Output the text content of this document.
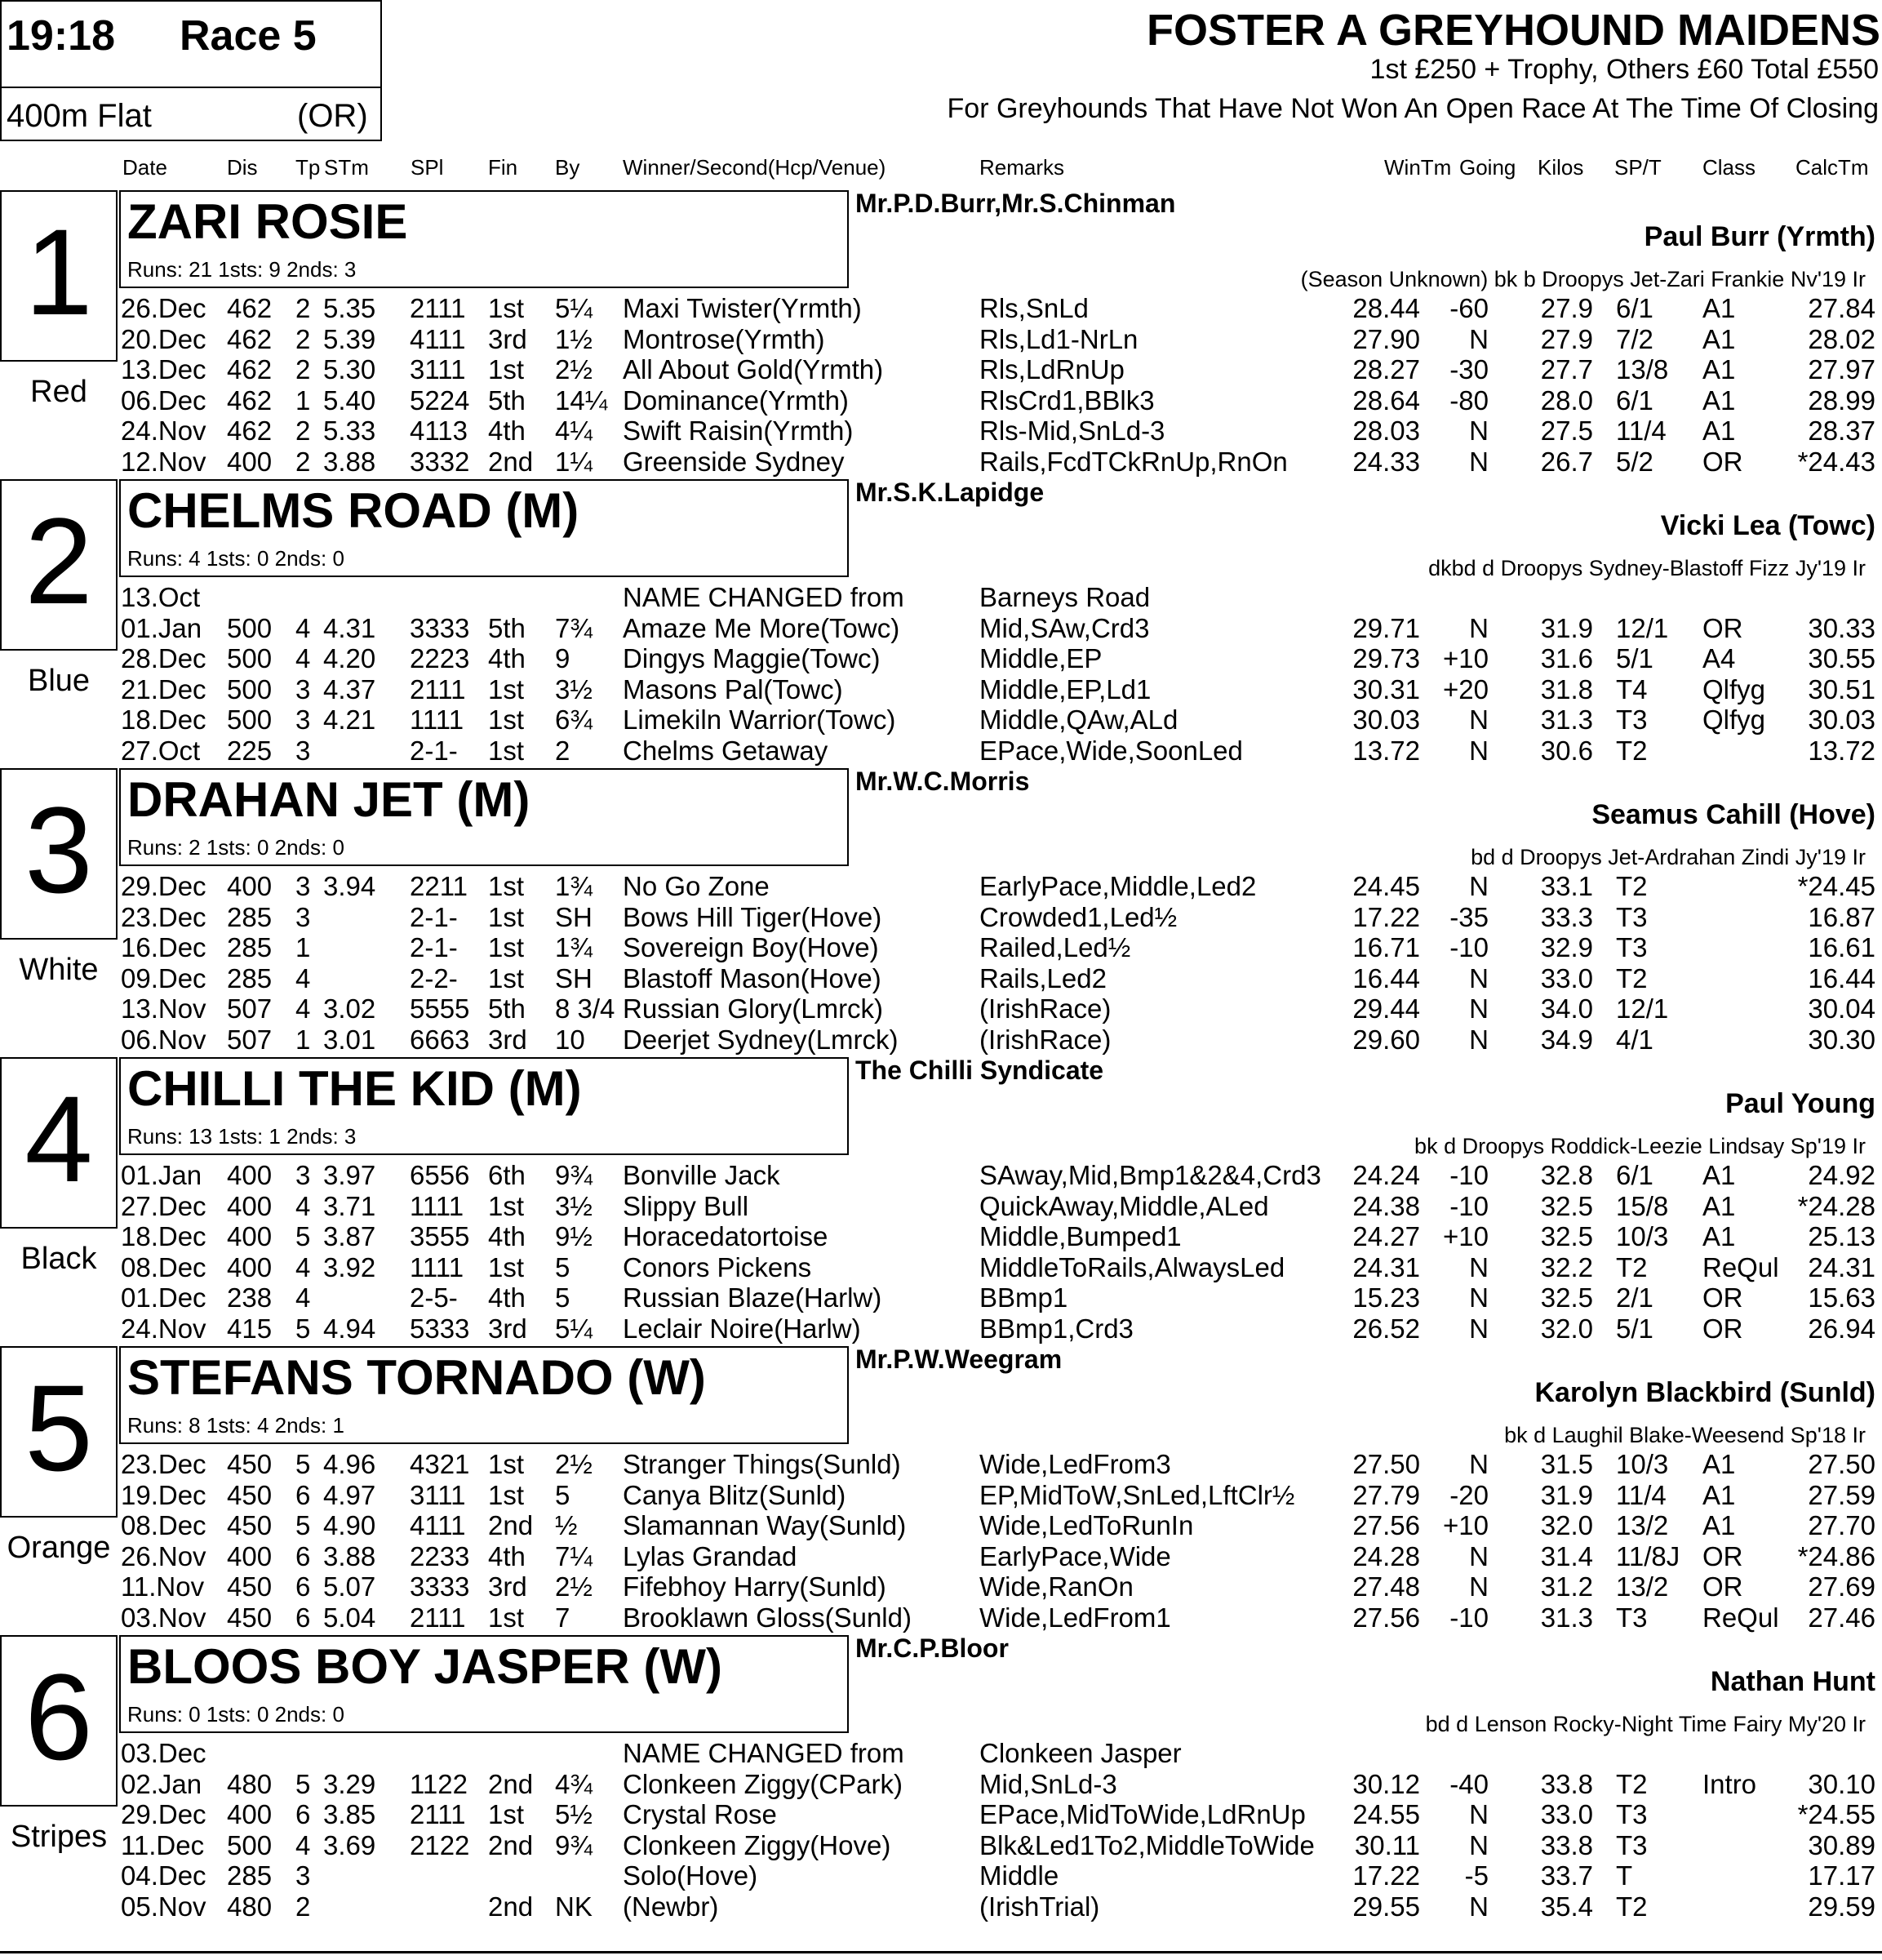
19:18 Race 5
400m Flat	(OR)
FOSTER A GREYHOUND MAIDENS
1st £250 + Trophy, Others £60 Total £550
For Greyhounds That Have Not Won An Open Race At The Time Of Closing
Date	Dis Tp STm SPl Fin By Winner/Second(Hcp/Venue)	Remarks	WinTm Going Kilos SP/T Class CalcTm
1
Red
ZARI ROSIE
Runs: 21 1sts: 9 2nds: 3
Mr.P.D.Burr,Mr.S.Chinman
Paul Burr (Yrmth)
(Season Unknown) bk b Droopys Jet-Zari Frankie Nv'19 Ir
26.Dec 462 2 5.35 2111 1st 5¼ Maxi Twister(Yrmth)	Rls,SnLd	28.44 -60 27.9 6/1 A1	27.84
20.Dec 462 2 5.39 4111 3rd 1½ Montrose(Yrmth)	Rls,Ld1-NrLn	27.90 N 27.9 7/2 A1	28.02
13.Dec 462 2 5.30 3111 1st 2½ All About Gold(Yrmth)	Rls,LdRnUp	28.27 -30 27.7 13/8 A1	27.97
06.Dec 462 1 5.40 5224 5th 14¼ Dominance(Yrmth)	RlsCrd1,BBlk3	28.64 -80 28.0 6/1 A1	28.99
24.Nov 462 2 5.33 4113 4th 4¼ Swift Raisin(Yrmth)	Rls-Mid,SnLd-3	28.03 N 27.5 11/4 A1	28.37
12.Nov 400 2 3.88 3332 2nd 1¼ Greenside Sydney	Rails,FcdTCkRnUp,RnOn 24.33 N 26.7 5/2 OR *24.43
2
Blue
CHELMS ROAD (M)
Runs: 4 1sts: 0 2nds: 0
Mr.S.K.Lapidge
Vicki Lea (Towc)
dkbd d Droopys Sydney-Blastoff Fizz Jy'19 Ir
13.Oct	NAME CHANGED from	Barneys Road
01.Jan 500 4 4.31 3333 5th 7¾ Amaze Me More(Towc)	Mid,SAw,Crd3	29.71 N 31.9 12/1 OR 30.33
28.Dec 500 4 4.20 2223 4th 9 Dingys Maggie(Towc)	Middle,EP	29.73 +10 31.6 5/1 A4	30.55
21.Dec 500 3 4.37 2111 1st 3½ Masons Pal(Towc)	Middle,EP,Ld1	30.31 +20 31.8 T4 Qlfyg 30.51
18.Dec 500 3 4.21 1111 1st 6¾ Limekiln Warrior(Towc)	Middle,QAw,ALd	30.03 N 31.3 T3 Qlfyg 30.03
27.Oct 225 3	2-1- 1st 2 Chelms Getaway	EPace,Wide,SoonLed	13.72 N 30.6 T2	13.72
3
White
DRAHAN JET (M)
Runs: 2 1sts: 0 2nds: 0
Mr.W.C.Morris
Seamus Cahill (Hove)
bd d Droopys Jet-Ardrahan Zindi Jy'19 Ir
29.Dec 400 3 3.94 2211 1st 1¾ No Go Zone	EarlyPace,Middle,Led2	24.45 N 33.1 T2	*24.45
23.Dec 285 3	2-1- 1st SH Bows Hill Tiger(Hove)	Crowded1,Led½	17.22 -35 33.3 T3	16.87
16.Dec 285 1	2-1- 1st 1¾ Sovereign Boy(Hove)	Railed,Led½	16.71 -10 32.9 T3	16.61
09.Dec 285 4	2-2- 1st SH Blastoff Mason(Hove)	Rails,Led2	16.44 N 33.0 T2	16.44
13.Nov 507 4 3.02 5555 5th 8 3/4 Russian Glory(Lmrck)	(IrishRace)	29.44 N 34.0 12/1	30.04
06.Nov 507 1 3.01 6663 3rd 10 Deerjet Sydney(Lmrck)	(IrishRace)	29.60 N 34.9 4/1	30.30
4
Black
CHILLI THE KID (M)
Runs: 13 1sts: 1 2nds: 3
The Chilli Syndicate
Paul Young
bk d Droopys Roddick-Leezie Lindsay Sp'19 Ir
01.Jan 400 3 3.97 6556 6th 9¾ Bonville Jack	SAway,Mid,Bmp1&2&4,Crd3 24.24 -10 32.8 6/1 A1	24.92
27.Dec 400 4 3.71 1111 1st 3½ Slippy Bull	QuickAway,Middle,ALed	24.38 -10 32.5 15/8 A1 *24.28
18.Dec 400 5 3.87 3555 4th 9½ Horacedatortoise	Middle,Bumped1	24.27 +10 32.5 10/3 A1	25.13
08.Dec 400 4 3.92 1111 1st 5 Conors Pickens	MiddleToRails,AlwaysLed	24.31 N 32.2 T2 ReQul 24.31
01.Dec 238 4	2-5- 4th 5 Russian Blaze(Harlw)	BBmp1	15.23 N 32.5 2/1 OR 15.63
24.Nov 415 5 4.94 5333 3rd 5¼ Leclair Noire(Harlw)	BBmp1,Crd3	26.52 N 32.0 5/1 OR 26.94
5
Orange
STEFANS TORNADO (W)
Runs: 8 1sts: 4 2nds: 1
Mr.P.W.Weegram
Karolyn Blackbird (Sunld)
bk d Laughil Blake-Weesend Sp'18 Ir
23.Dec 450 5 4.96 4321 1st 2½ Stranger Things(Sunld)	Wide,LedFrom3	27.50 N 31.5 10/3 A1	27.50
19.Dec 450 6 4.97 3111 1st 5 Canya Blitz(Sunld)	EP,MidToW,SnLed,LftClr½ 27.79 -20 31.9 11/4 A1	27.59
08.Dec 450 5 4.90 4111 2nd ½ Slamannan Way(Sunld)	Wide,LedToRunIn	27.56 +10 32.0 13/2 A1	27.70
26.Nov 400 6 3.88 2233 4th 7¼ Lylas Grandad	EarlyPace,Wide	24.28 N 31.4 11/8J OR *24.86
11.Nov 450 6 5.07 3333 3rd 2½ Fifebhoy Harry(Sunld)	Wide,RanOn	27.48 N 31.2 13/2 OR 27.69
03.Nov 450 6 5.04 2111 1st 7 Brooklawn Gloss(Sunld)	Wide,LedFrom1	27.56 -10 31.3 T3 ReQul 27.46
6
Stripes
BLOOS BOY JASPER (W)
Runs: 0 1sts: 0 2nds: 0
Mr.C.P.Bloor
Nathan Hunt
bd d Lenson Rocky-Night Time Fairy My'20 Ir
03.Dec	NAME CHANGED from	Clonkeen Jasper
02.Jan 480 5 3.29 1122 2nd 4¾ Clonkeen Ziggy(CPark)	Mid,SnLd-3	30.12 -40 33.8 T2 Intro 30.10
29.Dec 400 6 3.85 2111 1st 5½ Crystal Rose	EPace,MidToWide,LdRnUp 24.55 N 33.0 T3	*24.55
11.Dec 500 4 3.69 2122 2nd 9¾ Clonkeen Ziggy(Hove)	Blk&Led1To2,MiddleToWide 30.11 N 33.8 T3	30.89
04.Dec 285 3	Solo(Hove)	Middle	17.22 -5 33.7 T	17.17
05.Nov 480 2	2nd NK (Newbr)	(IrishTrial)	29.55 N 35.4 T2	29.59
